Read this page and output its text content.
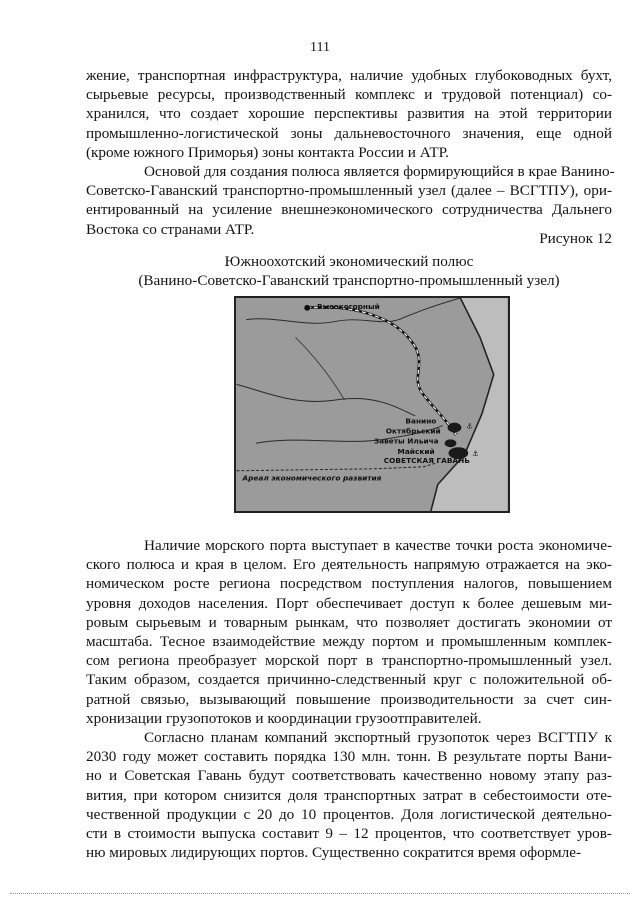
111

жение, транспортная инфраструктура, наличие удобных глубоководных бухт,
сырьевые ресурсы, производственный комплекс и трудовой потенциал) со-
хранился, что создает хорошие перспективы развития на этой территории
промышленно-логистической зоны дальневосточного значения, еще одной
(кроме южного Приморья) зоны контакта России и АТР.

Основой для создания полюса является формирующийся в крае Ванино-
Советско-Гаванский транспортно-промышленный узел (далее – ВСГТПУ), ори-
ентированный на усиление внешнеэкономического сотрудничества Дальнего
Востока со странами АТР.

Рисунок 12
Южноохотский экономический полюс
(Ванино-Советско-Гаванский транспортно-промышленный узел)
⚓
⚓
Высокогорный
Ванино
Октябрьский
Заветы Ильича
Майский
СОВЕТСКАЯ ГАВАНЬ
Ареал экономического развития

Наличие морского порта выступает в качестве точки роста экономиче-
ского полюса и края в целом. Его деятельность напрямую отражается на эко-
номическом росте региона посредством поступления налогов, повышением
уровня доходов населения. Порт обеспечивает доступ к более дешевым ми-
ровым сырьевым и товарным рынкам, что позволяет достигать экономии от
масштаба. Тесное взаимодействие между портом и промышленным комплек-
сом региона преобразует морской порт в транспортно-промышленный узел.
Таким образом, создается причинно-следственный круг с положительной об-
ратной связью, вызывающий повышение производительности за счет син-
хронизации грузопотоков и координации грузоотправителей.

Согласно планам компаний экспортный грузопоток через ВСГТПУ к
2030 году может составить порядка 130 млн. тонн. В результате порты Вани-
но и Советская Гавань будут соответствовать качественно новому этапу раз-
вития, при котором снизится доля транспортных затрат в себестоимости оте-
чественной продукции с 20 до 10 процентов. Доля логистической деятельно-
сти в стоимости выпуска составит 9 – 12 процентов, что соответствует уров-
ню мировых лидирующих портов. Существенно сократится время оформле-
